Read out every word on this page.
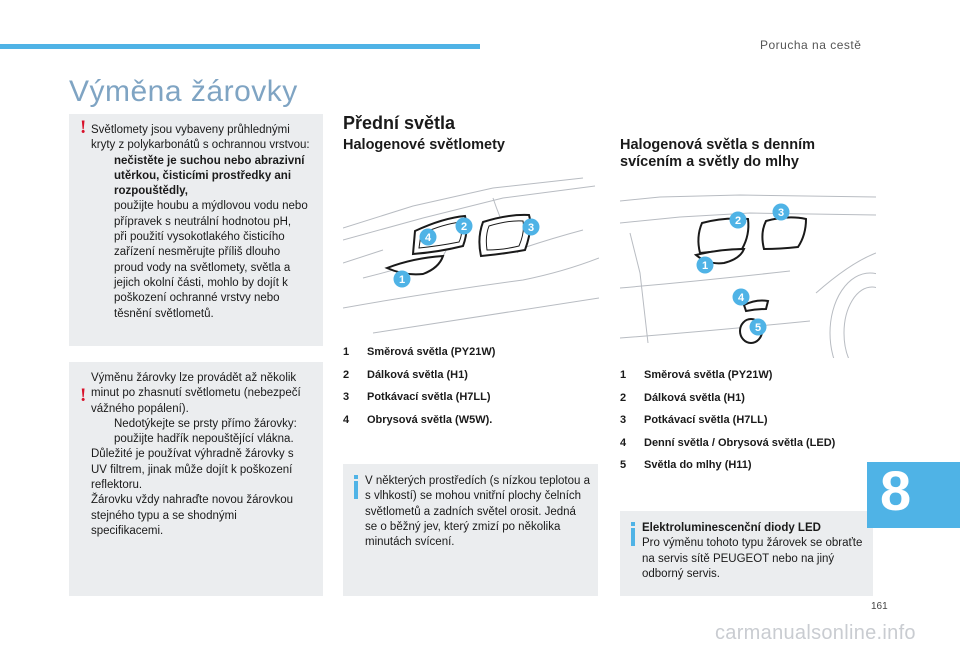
Porucha na cestě
Výměna žárovky
! Světlomety jsou vybaveny průhlednými kryty z polykarbonátů s ochrannou vrstvou:

nečistěte je suchou nebo abrazivní utěrkou, čisticími prostředky ani rozpouštědly,
použijte houbu a mýdlovou vodu nebo přípravek s neutrální hodnotou pH,
při použití vysokotlakého čisticího zařízení nesměrujte příliš dlouho proud vody na světlomety, světla a jejich okolní části, mohlo by dojít k poškození ochranné vrstvy nebo těsnění světlometů.
!

Výměnu žárovky lze provádět až několik minut po zhasnutí světlometu (nebezpečí vážného popálení).

Nedotýkejte se prsty přímo žárovky: použijte hadřík nepouštějící vlákna.

Důležité je používat výhradně žárovky s UV filtrem, jinak může dojít k poškození reflektoru.

Žárovku vždy nahraďte novou žárovkou stejného typu a se shodnými specifikacemi.

Přední světla
Halogenové světlomety	Halogenová světla s denním svícením a světly do mlhy
1
2	3
4
1
2
3
4
5
1 Směrová světla (PY21W)
2 Dálková světla (H1)
3 Potkávací světla (H7LL)
4 Obrysová světla (W5W).

V některých prostředích (s nízkou teplotou a s vlhkostí) se mohou vnitřní plochy čelních světlometů a zadních světel orosit. Jedná se o běžný jev, který zmizí po několika minutách svícení.

1 Směrová světla (PY21W)
2 Dálková světla (H1)
3 Potkávací světla (H7LL)
4 Denní světla / Obrysová světla (LED)
5 Světla do mlhy (H11)

Elektroluminescenční diody LED

Pro výměnu tohoto typu žárovek se obraťte na servis sítě PEUGEOT nebo na jiný odborný servis.

8
161
carmanualsonline.info
